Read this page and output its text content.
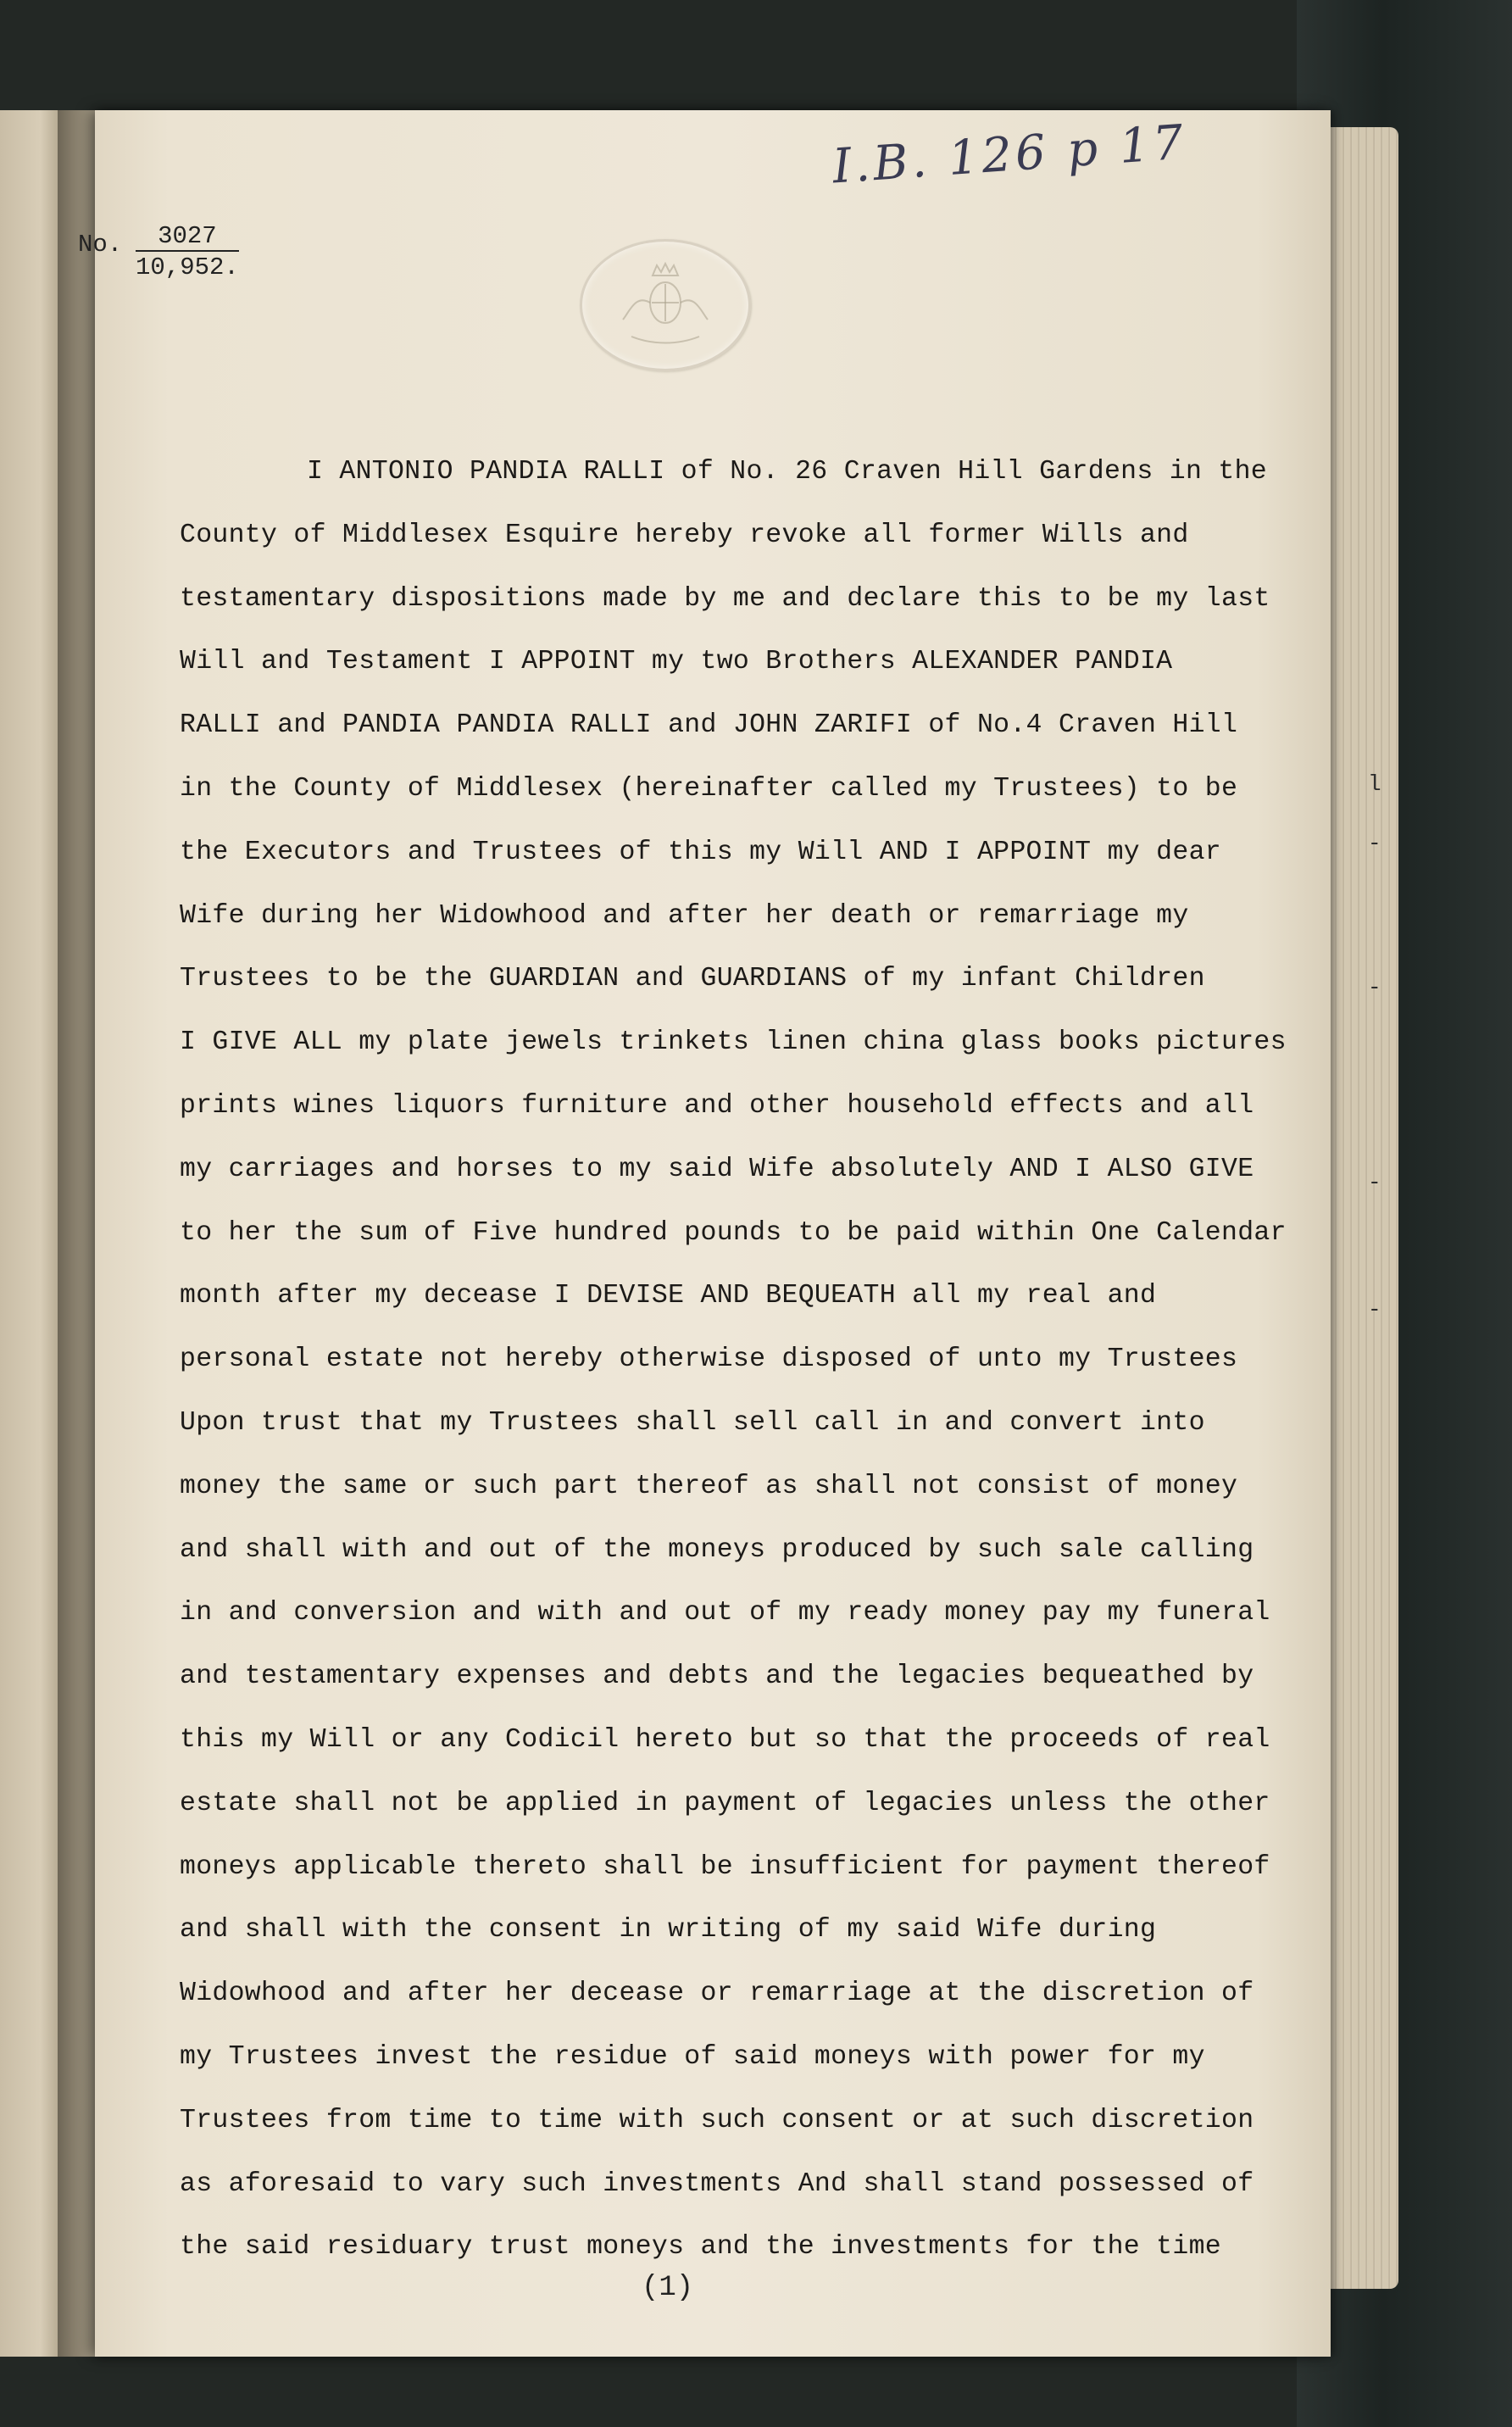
l
-
-
-
-
I.B. 126 p 17
No. $\frac{3027}{10,952.}$
I ANTONIO PANDIA RALLI of No. 26 Craven Hill Gardens in the
County of Middlesex Esquire hereby revoke all former Wills and
testamentary dispositions made by me and declare this to be my last
Will and Testament I APPOINT my two Brothers ALEXANDER PANDIA
RALLI and PANDIA PANDIA RALLI and JOHN ZARIFI of No.4 Craven Hill
in the County of Middlesex (hereinafter called my Trustees) to be
the Executors and Trustees of this my Will AND I APPOINT my dear
Wife during her Widowhood and after her death or remarriage my
Trustees to be the GUARDIAN and GUARDIANS of my infant Children
I GIVE ALL my plate jewels trinkets linen china glass books pictures
prints wines liquors furniture and other household effects and all
my carriages and horses to my said Wife absolutely AND I ALSO GIVE
to her the sum of Five hundred pounds to be paid within One Calendar
month after my decease I DEVISE AND BEQUEATH all my real and
personal estate not hereby otherwise disposed of unto my Trustees
Upon trust that my Trustees shall sell call in and convert into
money the same or such part thereof as shall not consist of money
and shall with and out of the moneys produced by such sale calling
in and conversion and with and out of my ready money pay my funeral
and testamentary expenses and debts and the legacies bequeathed by
this my Will or any Codicil hereto but so that the proceeds of real
estate shall not be applied in payment of legacies unless the other
moneys applicable thereto shall be insufficient for payment thereof
and shall with the consent in writing of my said Wife during
Widowhood and after her decease or remarriage at the discretion of
my Trustees invest the residue of said moneys with power for my
Trustees from time to time with such consent or at such discretion
as aforesaid to vary such investments And shall stand possessed of
the said residuary trust moneys and the investments for the time
(1)
